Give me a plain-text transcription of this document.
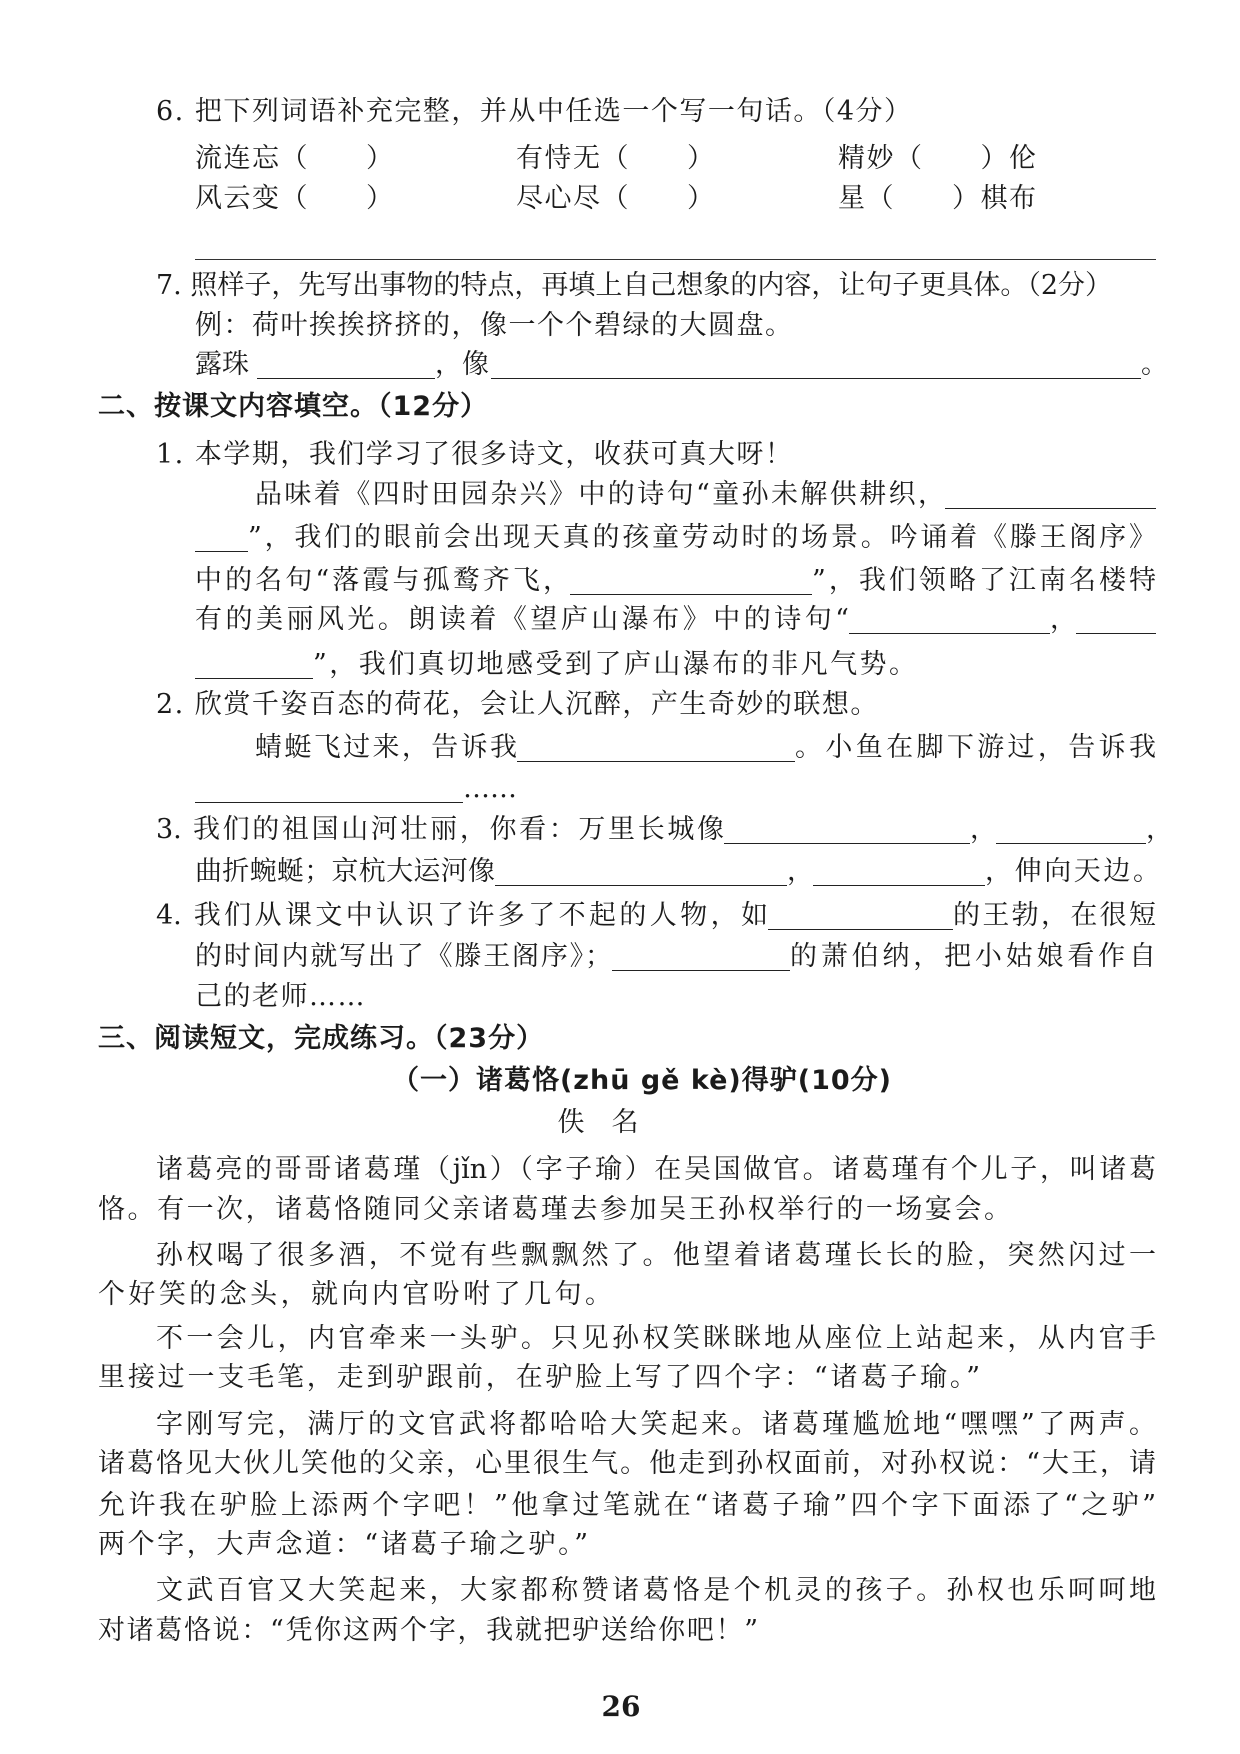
6. 把下列词语补充完整，并从中任选一个写一句话。（4分）
流连忘（　　）	有恃无（　　）	精妙（　　）伦
风云变（　　）	尽心尽（　　）	星（　　）棋布
7. 照样子，先写出事物的特点，再填上自己想象的内容，让句子更具体。（2分）
例：荷叶挨挨挤挤的，像一个个碧绿的大圆盘。
露珠	，像	。
二、按课文内容填空。（12分）
1. 本学期，我们学习了很多诗文，收获可真大呀！
品味着《四时田园杂兴》中的诗句“童孙未解供耕织，
”，我们的眼前会出现天真的孩童劳动时的场景。吟诵着《滕王阁序》
中的名句“落霞与孤鹜齐飞，	”，我们领略了江南名楼特
有的美丽风光。朗读着《望庐山瀑布》中的诗句“	，
”，我们真切地感受到了庐山瀑布的非凡气势。
2. 欣赏千姿百态的荷花，会让人沉醉，产生奇妙的联想。
蜻蜓飞过来，告诉我	。小鱼在脚下游过，告诉我
……
3. 我们的祖国山河壮丽，你看：万里长城像	，	，
曲折蜿蜒；京杭大运河像	，	，伸向天边。
4. 我们从课文中认识了许多了不起的人物，如	的王勃，在很短
的时间内就写出了《滕王阁序》；	的萧伯纳，把小姑娘看作自
己的老师……
三、阅读短文，完成练习。（23分）
（一）诸葛恪(zhū gě kè)得驴(10分)
佚　名
诸葛亮的哥哥诸葛瑾（jǐn）（字子瑜）在吴国做官。诸葛瑾有个儿子，叫诸葛
恪。有一次，诸葛恪随同父亲诸葛瑾去参加吴王孙权举行的一场宴会。
孙权喝了很多酒，不觉有些飘飘然了。他望着诸葛瑾长长的脸，突然闪过一
个好笑的念头，就向内官吩咐了几句。
不一会儿，内官牵来一头驴。只见孙权笑眯眯地从座位上站起来，从内官手
里接过一支毛笔，走到驴跟前，在驴脸上写了四个字：“诸葛子瑜。”
字刚写完，满厅的文官武将都哈哈大笑起来。诸葛瑾尴尬地“嘿嘿”了两声。
诸葛恪见大伙儿笑他的父亲，心里很生气。他走到孙权面前，对孙权说：“大王，请
允许我在驴脸上添两个字吧！”他拿过笔就在“诸葛子瑜”四个字下面添了“之驴”
两个字，大声念道：“诸葛子瑜之驴。”
文武百官又大笑起来，大家都称赞诸葛恪是个机灵的孩子。孙权也乐呵呵地
对诸葛恪说：“凭你这两个字，我就把驴送给你吧！”
26
